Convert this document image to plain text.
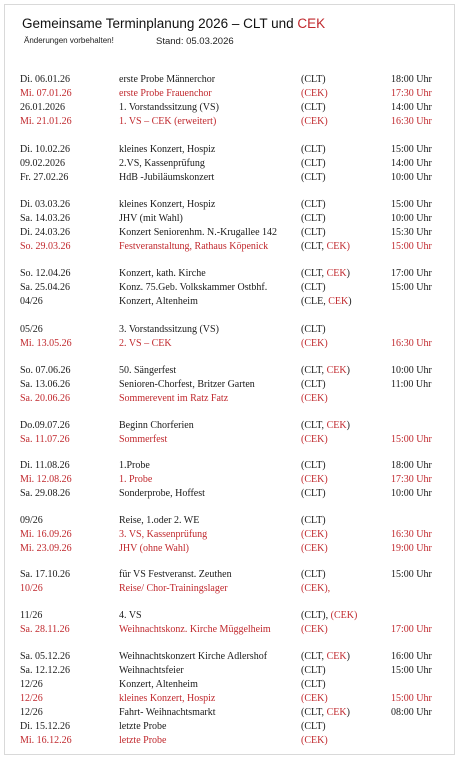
Gemeinsame Terminplanung 2026 – CLT und CEK
Änderungen vorbehalten!	Stand: 05.03.2026
Di. 06.01.26	erste Probe Männerchor	(CLT)	18:00 Uhr
Mi. 07.01.26	erste Probe Frauenchor	(CEK)	17:30 Uhr
26.01.2026	1. Vorstandssitzung (VS)	(CLT)	14:00 Uhr
Mi. 21.01.26	1. VS – CEK (erweitert)	(CEK)	16:30 Uhr
Di. 10.02.26	kleines Konzert, Hospiz	(CLT)	15:00 Uhr
09.02.2026	2.VS, Kassenprüfung	(CLT)	14:00 Uhr
Fr. 27.02.26	HdB -Jubiläumskonzert	(CLT)	10:00 Uhr
Di. 03.03.26	kleines Konzert, Hospiz	(CLT)	15:00 Uhr
Sa. 14.03.26	JHV (mit Wahl)	(CLT)	10:00 Uhr
Di. 24.03.26	Konzert Seniorenhm. N.-Krugallee 142 (CLT)	15:30 Uhr
So. 29.03.26	Festveranstaltung, Rathaus Köpenick	(CLT, CEK)	15:00 Uhr
So. 12.04.26	Konzert, kath. Kirche	(CLT, CEK)	17:00 Uhr
Sa. 25.04.26	Konz. 75.Geb. Volkskammer Ostbhf.	(CLT)	15:00 Uhr
04/26	Konzert, Altenheim	(CLE, CEK)
05/26	3. Vorstandssitzung (VS)	(CLT)
Mi. 13.05.26	2. VS – CEK	(CEK)	16:30 Uhr
So. 07.06.26	50. Sängerfest	(CLT, CEK)	10:00 Uhr
Sa. 13.06.26	Senioren-Chorfest, Britzer Garten	(CLT)	11:00 Uhr
Sa. 20.06.26	Sommerevent im Ratz Fatz	(CEK)
Do.09.07.26	Beginn Chorferien	(CLT, CEK)
Sa. 11.07.26	Sommerfest	(CEK)	15:00 Uhr
Di. 11.08.26	1.Probe	(CLT)	18:00 Uhr
Mi. 12.08.26	1. Probe	(CEK)	17:30 Uhr
Sa. 29.08.26	Sonderprobe, Hoffest	(CLT)	10:00 Uhr
09/26	Reise, 1.oder 2. WE	(CLT)
Mi. 16.09.26	3. VS, Kassenprüfung	(CEK)	16:30 Uhr
Mi. 23.09.26	JHV (ohne Wahl)	(CEK)	19:00 Uhr
Sa. 17.10.26	für VS Festveranst. Zeuthen	(CLT)	15:00 Uhr
10/26	Reise/ Chor-Trainingslager	(CEK),
11/26	4. VS	(CLT), (CEK)
Sa. 28.11.26	Weihnachtskonz. Kirche Müggelheim	(CEK)	17:00 Uhr
Sa. 05.12.26	Weihnachtskonzert Kirche Adlershof	(CLT, CEK)	16:00 Uhr
Sa. 12.12.26	Weihnachtsfeier	(CLT)	15:00 Uhr
12/26	Konzert, Altenheim	(CLT)
12/26	kleines Konzert, Hospiz	(CEK)	15:00 Uhr
12/26	Fahrt- Weihnachtsmarkt	(CLT, CEK)	08:00 Uhr
Di. 15.12.26	letzte Probe	(CLT)
Mi. 16.12.26	letzte Probe	(CEK)
